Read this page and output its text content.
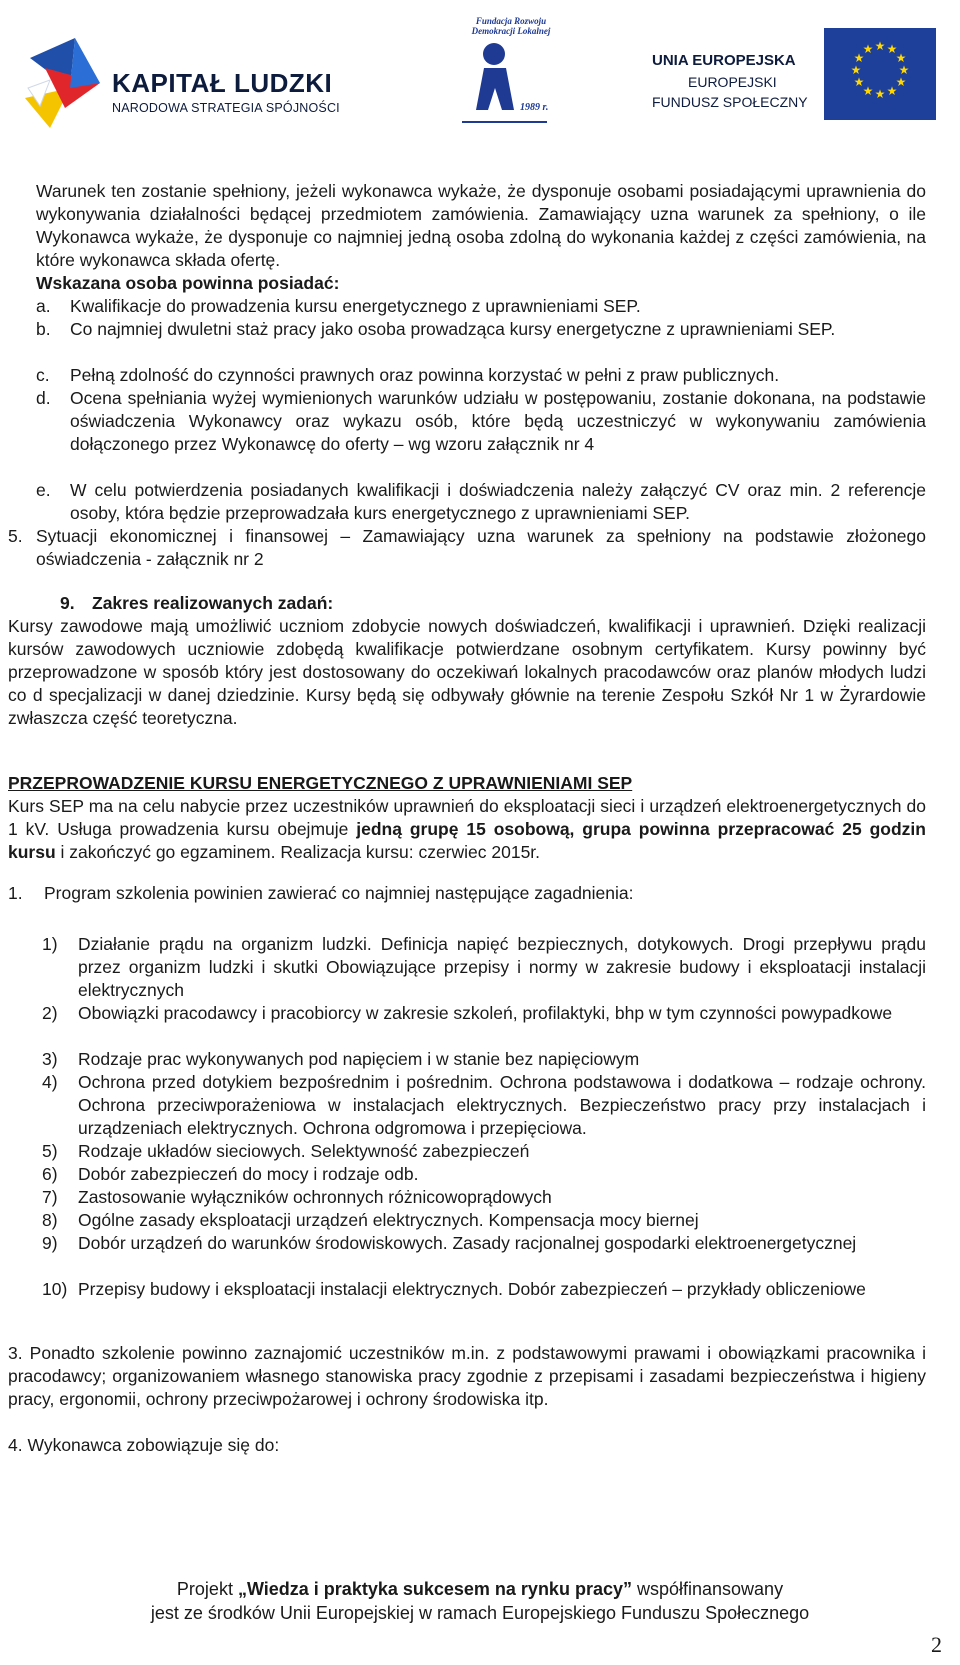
KAPITAŁ LUDZKI
NARODOWA STRATEGIA SPÓJNOŚCI
Fundacja Rozwoju Demokracji Lokalnej
1989 r.
UNIA EUROPEJSKA
EUROPEJSKI
FUNDUSZ SPOŁECZNY
★ ★
★
★
★
★
★
★
★
★
★
★

Warunek ten zostanie spełniony, jeżeli wykonawca wykaże, że dysponuje osobami posiadającymi uprawnienia do wykonywania działalności będącej przedmiotem zamówienia. Zamawiający uzna warunek za spełniony, o ile Wykonawca wykaże, że dysponuje co najmniej jedną osoba zdolną do wykonania każdej z części zamówienia, na które wykonawca składa ofertę.

Wskazana osoba powinna posiadać:

a. Kwalifikacje do prowadzenia kursu energetycznego z uprawnieniami SEP.

b. Co najmniej dwuletni staż pracy jako osoba prowadząca kursy energetyczne z uprawnieniami SEP.

c. Pełną zdolność do czynności prawnych oraz powinna korzystać w pełni z praw publicznych.

d. Ocena spełniania wyżej wymienionych warunków udziału w postępowaniu, zostanie dokonana, na podstawie oświadczenia Wykonawcy oraz wykazu osób, które będą uczestniczyć w wykonywaniu zamówienia dołączonego przez Wykonawcę do oferty – wg wzoru załącznik nr 4

e. W celu potwierdzenia posiadanych kwalifikacji i doświadczenia należy załączyć CV oraz min. 2 referencje osoby, która będzie przeprowadzała kurs energetycznego z uprawnieniami SEP.

5. Sytuacji ekonomicznej i finansowej – Zamawiający uzna warunek za spełniony na podstawie złożonego oświadczenia - załącznik nr 2

9. Zakres realizowanych zadań:

Kursy zawodowe mają umożliwić uczniom zdobycie nowych doświadczeń, kwalifikacji i uprawnień. Dzięki realizacji kursów zawodowych uczniowie zdobędą kwalifikacje potwierdzane osobnym certyfikatem. Kursy powinny być przeprowadzone w sposób który jest dostosowany do oczekiwań lokalnych pracodawców oraz planów młodych ludzi co d specjalizacji w danej dziedzinie. Kursy będą się odbywały głównie na terenie Zespołu Szkół Nr 1 w Żyrardowie zwłaszcza część teoretyczna.

PRZEPROWADZENIE KURSU ENERGETYCZNEGO Z UPRAWNIENIAMI SEP

Kurs SEP ma na celu nabycie przez uczestników uprawnień do eksploatacji sieci i urządzeń elektroenergetycznych do 1 kV. Usługa prowadzenia kursu obejmuje jedną grupę 15 osobową, grupa powinna przepracować 25 godzin kursu i zakończyć go egzaminem. Realizacja kursu: czerwiec 2015r.

1. Program szkolenia powinien zawierać co najmniej następujące zagadnienia:

1) Działanie prądu na organizm ludzki. Definicja napięć bezpiecznych, dotykowych. Drogi przepływu prądu przez organizm ludzki i skutki Obowiązujące przepisy i normy w zakresie budowy i eksploatacji instalacji elektrycznych

2) Obowiązki pracodawcy i pracobiorcy w zakresie szkoleń, profilaktyki, bhp w tym czynności powypadkowe

3) Rodzaje prac wykonywanych pod napięciem i w stanie bez napięciowym

4) Ochrona przed dotykiem bezpośrednim i pośrednim. Ochrona podstawowa i dodatkowa – rodzaje ochrony. Ochrona przeciwporażeniowa w instalacjach elektrycznych. Bezpieczeństwo pracy przy instalacjach i urządzeniach elektrycznych. Ochrona odgromowa i przepięciowa.

5) Rodzaje układów sieciowych. Selektywność zabezpieczeń

6) Dobór zabezpieczeń do mocy i rodzaje odb.

7) Zastosowanie wyłączników ochronnych różnicowoprądowych

8) Ogólne zasady eksploatacji urządzeń elektrycznych. Kompensacja mocy biernej

9) Dobór urządzeń do warunków środowiskowych. Zasady racjonalnej gospodarki elektroenergetycznej

10) Przepisy budowy i eksploatacji instalacji elektrycznych. Dobór zabezpieczeń – przykłady obliczeniowe

3. Ponadto szkolenie powinno zaznajomić uczestników m.in. z podstawowymi prawami i obowiązkami pracownika i pracodawcy; organizowaniem własnego stanowiska pracy zgodnie z przepisami i zasadami bezpieczeństwa i higieny pracy, ergonomii, ochrony przeciwpożarowej i ochrony środowiska itp.

4. Wykonawca zobowiązuje się do:

Projekt „Wiedza i praktyka sukcesem na rynku pracy” współfinansowany
jest ze środków Unii Europejskiej w ramach Europejskiego Funduszu Społecznego
2
